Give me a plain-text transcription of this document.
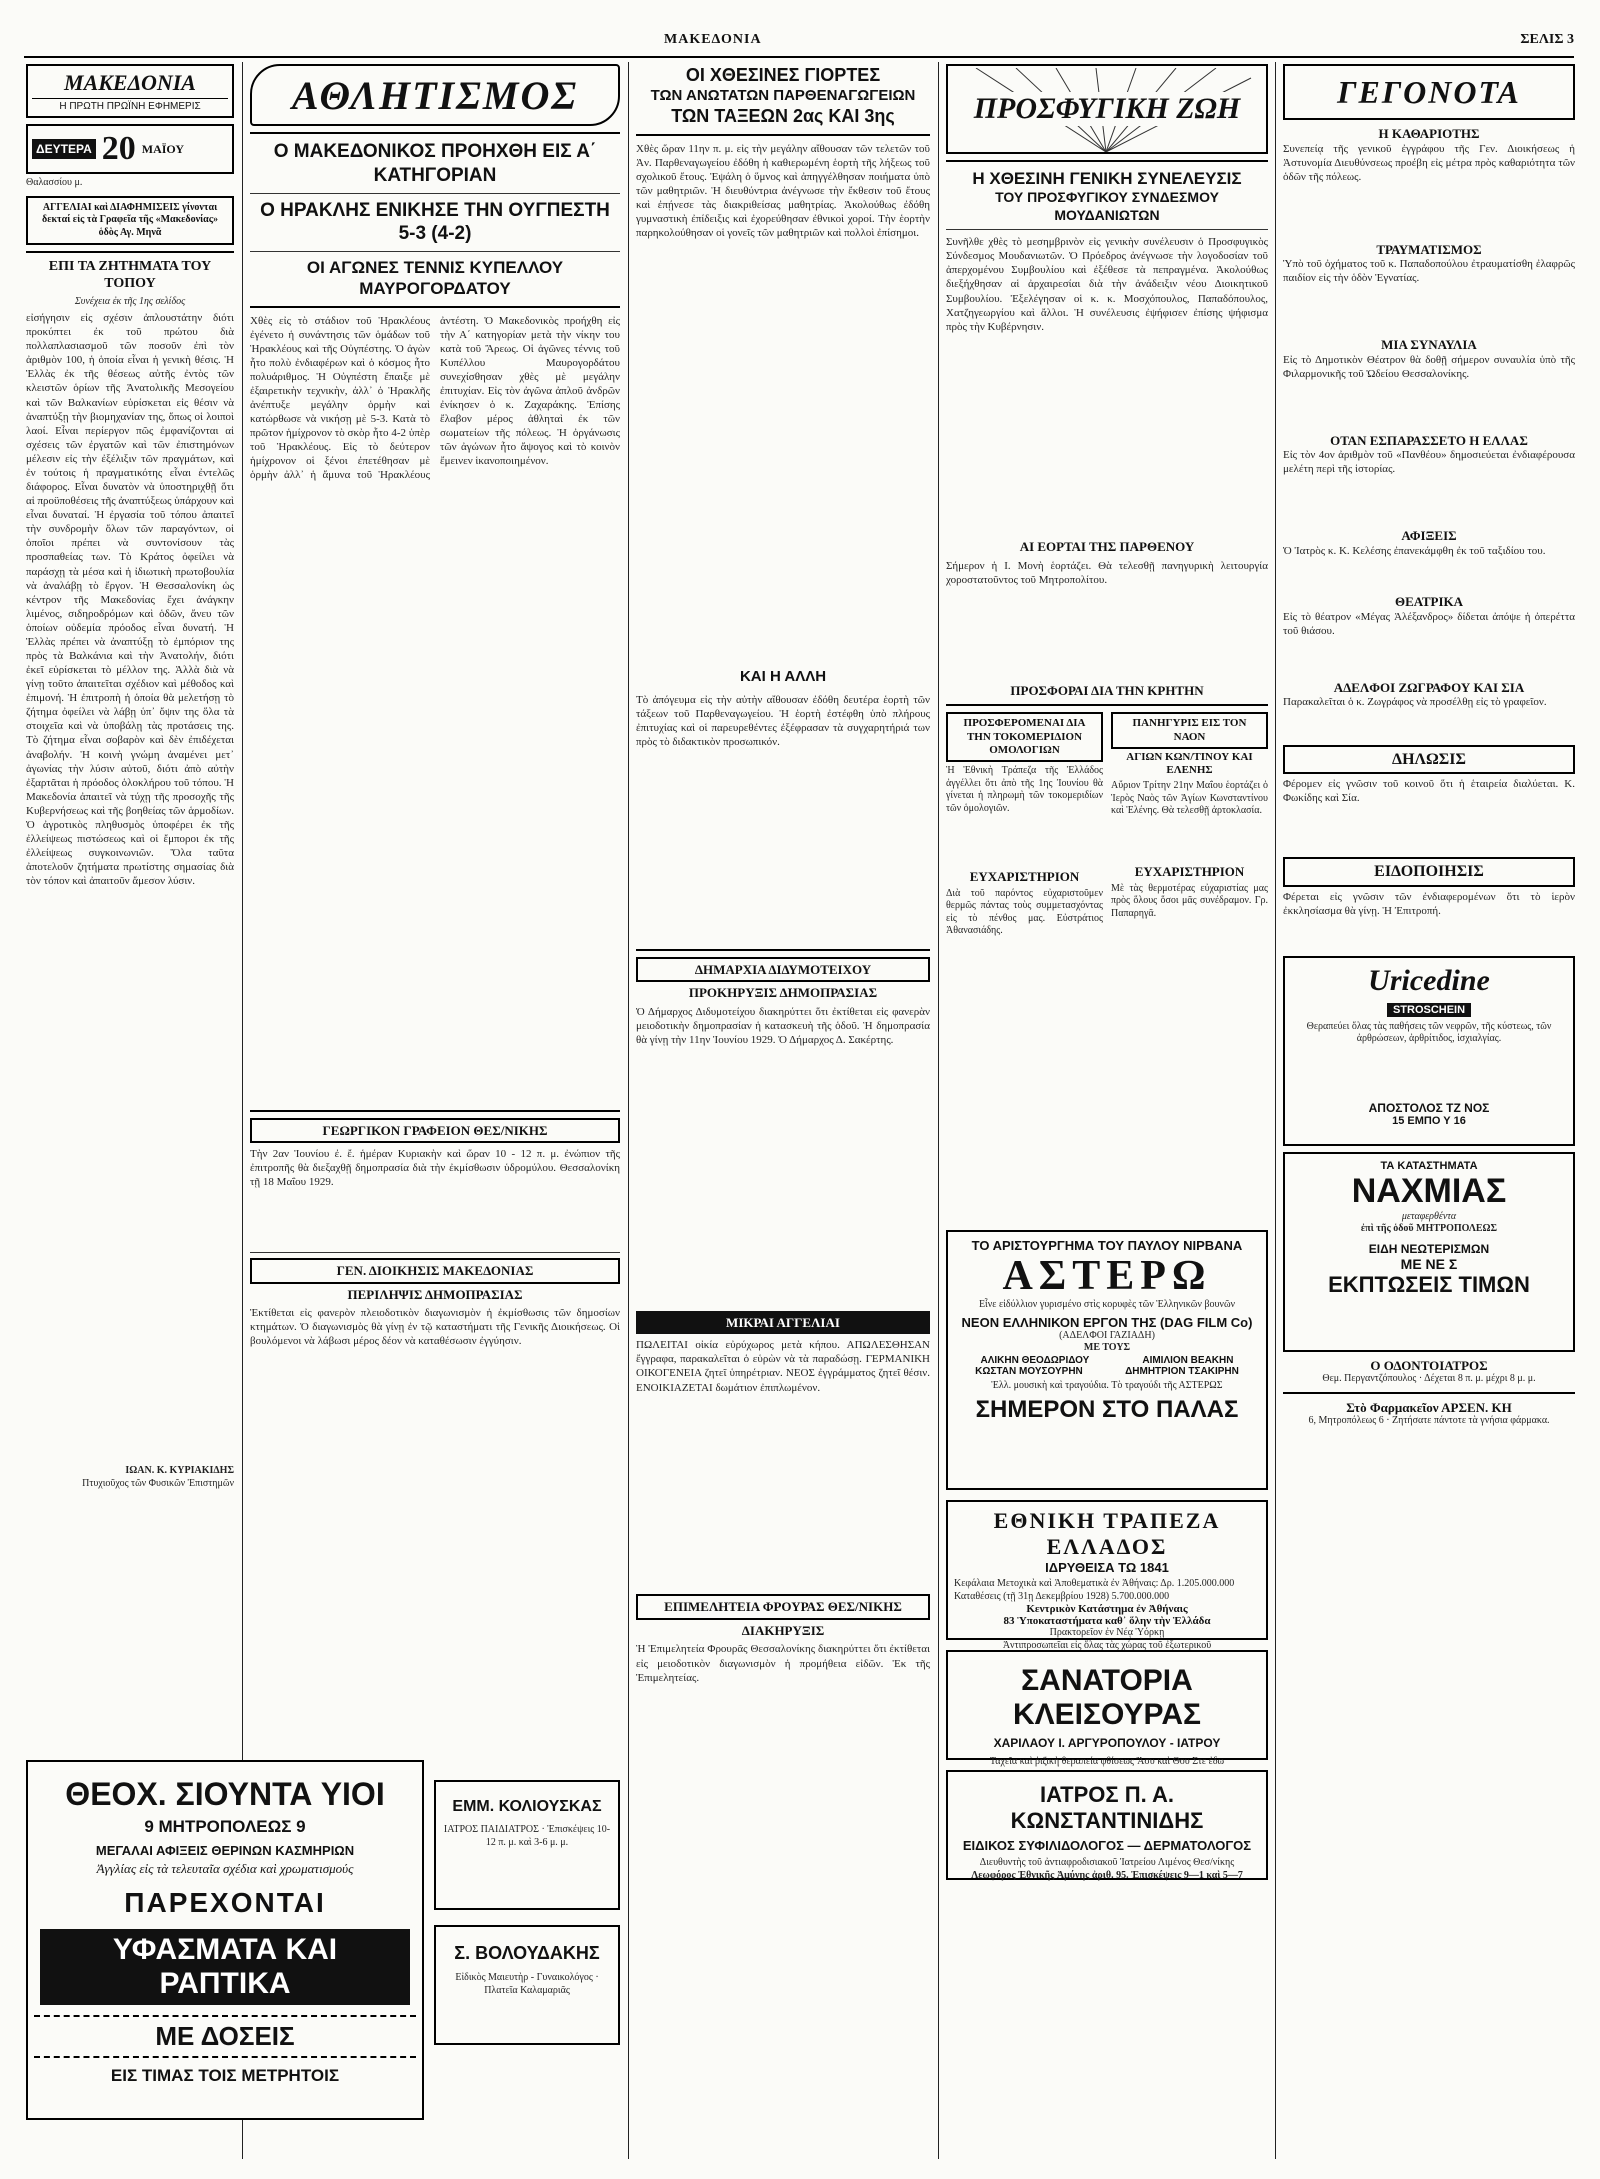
ΜΑΚΕΔΟΝΙΑ	ΣΕΛΙΣ 3
ΜΑΚΕΔΟΝΙΑ
Η ΠΡΩΤΗ ΠΡΩΪΝΗ ΕΦΗΜΕΡΙΣ
ΔΕΥΤΕΡΑ 20 ΜΑΪΟΥ
Θαλασσίου μ.
ΑΓΓΕΛΙΑΙ καὶ ΔΙΑΦΗΜΙΣΕΙΣ γίνονται δεκταί εἰς τὰ Γραφεῖα τῆς «Μακεδονίας» ὁδὸς Αγ. Μηνᾶ
ΕΠΙ ΤΑ ΖΗΤΗΜΑΤΑ ΤΟΥ ΤΟΠΟΥ
Συνέχεια ἐκ τῆς 1ης σελίδος
εἰσήγησιν εἰς σχέσιν ἀπλουστάτην διότι προκύπτει ἐκ τοῦ πρώτου διὰ πολλαπλασιασμοῦ τῶν ποσοῦν ἐπὶ τὸν ἀριθμὸν 100, ἡ ὁποία εἶναι ἡ γενικὴ θέσις. Ἡ Ἑλλὰς ἐκ τῆς θέσεως αὐτῆς ἐντὸς τῶν κλειστῶν ὁρίων τῆς Ἀνατολικῆς Μεσογείου καὶ τῶν Βαλκανίων εὑρίσκεται εἰς θέσιν νὰ ἀναπτύξῃ τὴν βιομηχανίαν της, ὅπως οἱ λοιποὶ λαοί. Εἶναι περίεργον πῶς ἐμφανίζονται αἱ σχέσεις τῶν ἐργατῶν καὶ τῶν ἐπιστημόνων μέλεσιν εἰς τὴν ἐξέλιξιν τῶν πραγμάτων, καὶ ἐν τούτοις ἡ πραγματικότης εἶναι ἐντελῶς διάφορος. Εἶναι δυνατὸν νὰ ὑποστηριχθῇ ὅτι αἱ προϋποθέσεις τῆς ἀναπτύξεως ὑπάρχουν καὶ εἶναι δυναταί. Ἡ ἐργασία τοῦ τόπου ἀπαιτεῖ τὴν συνδρομὴν ὅλων τῶν παραγόντων, οἱ ὁποῖοι πρέπει νὰ συντονίσουν τὰς προσπαθείας των. Τὸ Κράτος ὀφείλει νὰ παράσχῃ τὰ μέσα καὶ ἡ ἰδιωτικὴ πρωτοβουλία νὰ ἀναλάβῃ τὸ ἔργον. Ἡ Θεσσαλονίκη ὡς κέντρον τῆς Μακεδονίας ἔχει ἀνάγκην λιμένος, σιδηροδρόμων καὶ ὁδῶν, ἄνευ τῶν ὁποίων οὐδεμία πρόοδος εἶναι δυνατή. Ἡ Ἑλλὰς πρέπει νὰ ἀναπτύξῃ τὸ ἐμπόριον της πρὸς τὰ Βαλκάνια καὶ τὴν Ἀνατολήν, διότι ἐκεῖ εὑρίσκεται τὸ μέλλον της. Ἀλλὰ διὰ νὰ γίνῃ τοῦτο ἀπαιτεῖται σχέδιον καὶ μέθοδος καὶ ἐπιμονή. Ἡ ἐπιτροπὴ ἡ ὁποία θὰ μελετήσῃ τὸ ζήτημα ὀφείλει νὰ λάβῃ ὑπ᾿ ὄψιν της ὅλα τὰ στοιχεῖα καὶ νὰ ὑποβάλῃ τὰς προτάσεις της. Τὸ ζήτημα εἶναι σοβαρὸν καὶ δὲν ἐπιδέχεται ἀναβολήν. Ἡ κοινὴ γνώμη ἀναμένει μετ᾿ ἀγωνίας τὴν λύσιν αὐτοῦ, διότι ἀπὸ αὐτὴν ἐξαρτᾶται ἡ πρόοδος ὁλοκλήρου τοῦ τόπου. Ἡ Μακεδονία ἀπαιτεῖ νὰ τύχῃ τῆς προσοχῆς τῆς Κυβερνήσεως καὶ τῆς βοηθείας τῶν ἁρμοδίων. Ὁ ἀγροτικὸς πληθυσμὸς ὑποφέρει ἐκ τῆς ἐλλείψεως πιστώσεως καὶ οἱ ἔμποροι ἐκ τῆς ἐλλείψεως συγκοινωνιῶν. Ὅλα ταῦτα ἀποτελοῦν ζητήματα πρωτίστης σημασίας διὰ τὸν τόπον καὶ ἀπαιτοῦν ἄμεσον λύσιν.
ΙΩΑΝ. Κ. ΚΥΡΙΑΚΙΔΗΣ
Πτυχιοῦχος τῶν Φυσικῶν Ἐπιστημῶν
ΘΕΟΧ. ΣΙΟΥΝΤΑ ΥΙΟΙ
9 ΜΗΤΡΟΠΟΛΕΩΣ 9
ΜΕΓΑΛΑΙ ΑΦΙΞΕΙΣ ΘΕΡΙΝΩΝ ΚΑΣΜΗΡΙΩΝ
Ἀγγλίας εἰς τὰ τελευταῖα σχέδια καὶ χρωματισμούς
ΠΑΡΕΧΟΝΤΑΙ
ΥΦΑΣΜΑΤΑ ΚΑΙ ΡΑΠΤΙΚΑ
ΜΕ ΔΟΣΕΙΣ
ΕΙΣ ΤΙΜΑΣ ΤΟΙΣ ΜΕΤΡΗΤΟΙΣ
ΑΘΛΗΤΙΣΜΟΣ
Ο ΜΑΚΕΔΟΝΙΚΟΣ ΠΡΟΗΧΘΗ ΕΙΣ Α΄ ΚΑΤΗΓΟΡΙΑΝ
Ο ΗΡΑΚΛΗΣ ΕΝΙΚΗΣΕ ΤΗΝ ΟΥΓΠΕΣΤΗ 5-3 (4-2)
ΟΙ ΑΓΩΝΕΣ ΤΕΝΝΙΣ ΚΥΠΕΛΛΟΥ ΜΑΥΡΟΓΟΡΔΑΤΟΥ
Χθὲς εἰς τὸ στάδιον τοῦ Ἡρακλέους ἐγένετο ἡ συνάντησις τῶν ὁμάδων τοῦ Ἡρακλέους καὶ τῆς Οὐγπέστης. Ὁ ἀγὼν ἦτο πολὺ ἐνδιαφέρων καὶ ὁ κόσμος ἦτο πολυάριθμος. Ἡ Οὐγπέστη ἔπαιξε μὲ ἐξαιρετικὴν τεχνικὴν, ἀλλ᾿ ὁ Ἡρακλῆς ἀνέπτυξε μεγάλην ὁρμὴν καὶ κατώρθωσε νὰ νικήσῃ μὲ 5-3. Κατὰ τὸ πρῶτον ἡμίχρονον τὸ σκὸρ ἦτο 4-2 ὑπὲρ τοῦ Ἡρακλέους. Εἰς τὸ δεύτερον ἡμίχρονον οἱ ξένοι ἐπετέθησαν μὲ ὁρμὴν ἀλλ᾿ ἡ ἄμυνα τοῦ Ἡρακλέους ἀντέστη. Ὁ Μακεδονικὸς προήχθη εἰς τὴν Α΄ κατηγορίαν μετὰ τὴν νίκην του κατὰ τοῦ Ἄρεως. Οἱ ἀγῶνες τέννις τοῦ Κυπέλλου Μαυρογορδάτου συνεχίσθησαν χθὲς μὲ μεγάλην ἐπιτυχίαν. Εἰς τὸν ἀγῶνα ἀπλοῦ ἀνδρῶν ἐνίκησεν ὁ κ. Ζαχαράκης. Ἐπίσης ἔλαβον μέρος ἀθληταὶ ἐκ τῶν σωματείων τῆς πόλεως. Ἡ ὀργάνωσις τῶν ἀγώνων ἦτο ἄψογος καὶ τὸ κοινὸν ἔμεινεν ἱκανοποιημένον.
ΓΕΩΡΓΙΚΟΝ ΓΡΑΦΕΙΟΝ ΘΕΣ/ΝΙΚΗΣ
Τὴν 2αν Ἰουνίου ἐ. ἔ. ἡμέραν Κυριακὴν καὶ ὥραν 10 - 12 π. μ. ἐνώπιον τῆς ἐπιτροπῆς θὰ διεξαχθῇ δημοπρασία διὰ τὴν ἐκμίσθωσιν ὑδρομύλου. Θεσσαλονίκη τῇ 18 Μαΐου 1929.
ΓΕΝ. ΔΙΟΙΚΗΣΙΣ ΜΑΚΕΔΟΝΙΑΣ
ΠΕΡΙΛΗΨΙΣ ΔΗΜΟΠΡΑΣΙΑΣ
Ἐκτίθεται εἰς φανερὸν πλειοδοτικὸν διαγωνισμὸν ἡ ἐκμίσθωσις τῶν δημοσίων κτημάτων. Ὁ διαγωνισμὸς θὰ γίνῃ ἐν τῷ καταστήματι τῆς Γενικῆς Διοικήσεως. Οἱ βουλόμενοι νὰ λάβωσι μέρος δέον νὰ καταθέσωσιν ἐγγύησιν.
ΕΜΜ. ΚΟΛΙΟΥΣΚΑΣ
ΙΑΤΡΟΣ ΠΑΙΔΙΑΤΡΟΣ · Ἐπισκέψεις 10-12 π. μ. καὶ 3-6 μ. μ.
Σ. ΒΟΛΟΥΔΑΚΗΣ
Εἰδικὸς Μαιευτὴρ - Γυναικολόγος · Πλατεῖα Καλαμαριᾶς
ΟΙ ΧΘΕΣΙΝΕΣ ΓΙΟΡΤΕΣ
ΤΩΝ ΑΝΩΤΑΤΩΝ ΠΑΡΘΕΝΑΓΩΓΕΙΩΝ
ΤΩΝ ΤΑΞΕΩΝ 2ας ΚΑΙ 3ης
Χθὲς ὥραν 11ην π. μ. εἰς τὴν μεγάλην αἴθουσαν τῶν τελετῶν τοῦ Ἀν. Παρθεναγωγείου ἐδόθη ἡ καθιερωμένη ἑορτὴ τῆς λήξεως τοῦ σχολικοῦ ἔτους. Ἐψάλη ὁ ὕμνος καὶ ἀπηγγέλθησαν ποιήματα ὑπὸ τῶν μαθητριῶν. Ἡ διευθύντρια ἀνέγνωσε τὴν ἔκθεσιν τοῦ ἔτους καὶ ἐπῄνεσε τὰς διακριθείσας μαθητρίας. Ἀκολούθως ἐδόθη γυμναστικὴ ἐπίδειξις καὶ ἐχορεύθησαν ἐθνικοὶ χοροί. Τὴν ἑορτὴν παρηκολούθησαν οἱ γονεῖς τῶν μαθητριῶν καὶ πολλοὶ ἐπίσημοι.
ΚΑΙ Η ΑΛΛΗ
Τὸ ἀπόγευμα εἰς τὴν αὐτὴν αἴθουσαν ἐδόθη δευτέρα ἑορτὴ τῶν τάξεων τοῦ Παρθεναγωγείου. Ἡ ἑορτὴ ἐστέφθη ὑπὸ πλήρους ἐπιτυχίας καὶ οἱ παρευρεθέντες ἐξέφρασαν τὰ συγχαρητήριά των πρὸς τὸ διδακτικὸν προσωπικόν.
ΔΗΜΑΡΧΙΑ ΔΙΔΥΜΟΤΕΙΧΟΥ
ΠΡΟΚΗΡΥΞΙΣ ΔΗΜΟΠΡΑΣΙΑΣ
Ὁ Δήμαρχος Διδυμοτείχου διακηρύττει ὅτι ἐκτίθεται εἰς φανερὰν μειοδοτικὴν δημοπρασίαν ἡ κατασκευὴ τῆς ὁδοῦ. Ἡ δημοπρασία θὰ γίνῃ τὴν 11ην Ἰουνίου 1929. Ὁ Δήμαρχος Δ. Σακέρτης.
ΜΙΚΡΑΙ ΑΓΓΕΛΙΑΙ
ΠΩΛΕΙΤΑΙ οἰκία εὐρύχωρος μετὰ κήπου. ΑΠΩΛΕΣΘΗΣΑΝ ἔγγραφα, παρακαλεῖται ὁ εὑρὼν νὰ τὰ παραδώσῃ. ΓΕΡΜΑΝΙΚΗ ΟΙΚΟΓΕΝΕΙΑ ζητεῖ ὑπηρέτριαν. ΝΕΟΣ ἐγγράμματος ζητεῖ θέσιν. ΕΝΟΙΚΙΑΖΕΤΑΙ δωμάτιον ἐπιπλωμένον.
ΕΠΙΜΕΛΗΤΕΙΑ ΦΡΟΥΡΑΣ ΘΕΣ/ΝΙΚΗΣ
ΔΙΑΚΗΡΥΞΙΣ
Ἡ Ἐπιμελητεία Φρουρᾶς Θεσσαλονίκης διακηρύττει ὅτι ἐκτίθεται εἰς μειοδοτικὸν διαγωνισμὸν ἡ προμήθεια εἰδῶν. Ἐκ τῆς Ἐπιμελητείας.
ΠΡΟΣΦΥΓΙΚΗ ΖΩΗ
Η ΧΘΕΣΙΝΗ ΓΕΝΙΚΗ ΣΥΝΕΛΕΥΣΙΣ
ΤΟΥ ΠΡΟΣΦΥΓΙΚΟΥ ΣΥΝΔΕΣΜΟΥ ΜΟΥΔΑΝΙΩΤΩΝ
Συνῆλθε χθὲς τὸ μεσημβρινὸν εἰς γενικὴν συνέλευσιν ὁ Προσφυγικὸς Σύνδεσμος Μουδανιωτῶν. Ὁ Πρόεδρος ἀνέγνωσε τὴν λογοδοσίαν τοῦ ἀπερχομένου Συμβουλίου καὶ ἐξέθεσε τὰ πεπραγμένα. Ἀκολούθως διεξήχθησαν αἱ ἀρχαιρεσίαι διὰ τὴν ἀνάδειξιν νέου Διοικητικοῦ Συμβουλίου. Ἐξελέγησαν οἱ κ. κ. Μοσχόπουλος, Παπαδόπουλος, Χατζηγεωργίου καὶ ἄλλοι. Ἡ συνέλευσις ἐψήφισεν ἐπίσης ψήφισμα πρὸς τὴν Κυβέρνησιν.
ΑΙ ΕΟΡΤΑΙ ΤΗΣ ΠΑΡΘΕΝΟΥ
Σήμερον ἡ Ι. Μονὴ ἑορτάζει. Θὰ τελεσθῇ πανηγυρικὴ λειτουργία χοροστατοῦντος τοῦ Μητροπολίτου.
ΠΡΟΣΦΟΡΑΙ ΔΙΑ ΤΗΝ ΚΡΗΤΗΝ
ΠΡΟΣΦΕΡΟΜΕΝΑΙ ΔΙΑ ΤΗΝ ΤΟΚΟΜΕΡΙΔΙΟΝ ΟΜΟΛΟΓΙΩΝ
Ἡ Ἐθνικὴ Τράπεζα τῆς Ἑλλάδος ἀγγέλλει ὅτι ἀπὸ τῆς 1ης Ἰουνίου θὰ γίνεται ἡ πληρωμὴ τῶν τοκομεριδίων τῶν ὁμολογιῶν.
ΕΥΧΑΡΙΣΤΗΡΙΟΝ
Διὰ τοῦ παρόντος εὐχαριστοῦμεν θερμῶς πάντας τοὺς συμμετασχόντας εἰς τὸ πένθος μας. Εὐστράτιος Ἀθανασιάδης.
ΠΑΝΗΓΥΡΙΣ ΕΙΣ ΤΟΝ ΝΑΟΝ
ΑΓΙΩΝ ΚΩΝ/ΤΙΝΟΥ ΚΑΙ ΕΛΕΝΗΣ
Αὔριον Τρίτην 21ην Μαΐου ἑορτάζει ὁ Ἱερὸς Ναὸς τῶν Ἁγίων Κωνσταντίνου καὶ Ἑλένης. Θὰ τελεσθῇ ἀρτοκλασία.
ΕΥΧΑΡΙΣΤΗΡΙΟΝ
Μὲ τὰς θερμοτέρας εὐχαριστίας μας πρὸς ὅλους ὅσοι μᾶς συνέδραμον. Γρ. Παπαρηγᾶ.
ΤΟ ΑΡΙΣΤΟΥΡΓΗΜΑ ΤΟΥ ΠΑΥΛΟΥ ΝΙΡΒΑΝΑ
ΑΣΤΕΡΩ
Εἶνε εἰδύλλιον γυρισμένο στὶς κορυφὲς τῶν Ἑλληνικῶν βουνῶν
ΝΕΟΝ ΕΛΛΗΝΙΚΟΝ ΕΡΓΟΝ ΤΗΣ (DAG FILM Co)
(ΑΔΕΛΦΟΙ ΓΑΖΙΑΔΗ)
ΜΕ ΤΟΥΣ
ΑΛΙΚΗΝ ΘΕΟΔΩΡΙΔΟΥ	ΑΙΜΙΛΙΟΝ ΒΕΑΚΗΝ
ΚΩΣΤΑΝ ΜΟΥΣΟΥΡΗΝ	ΔΗΜΗΤΡΙΟΝ ΤΣΑΚΙΡΗΝ
Ἑλλ. μουσικὴ καὶ τραγούδια. Τὸ τραγούδι τῆς ΑΣΤΕΡΩΣ
ΣΗΜΕΡΟΝ ΣΤΟ ΠΑΛΑΣ
ΕΘΝΙΚΗ ΤΡΑΠΕΖΑ ΕΛΛΑΔΟΣ
ΙΔΡΥΘΕΙΣΑ ΤΩ 1841
Κεφάλαια Μετοχικὰ καὶ Ἀποθεματικὰ ἐν Ἀθήναις: Δρ. 1.205.000.000
Καταθέσεις (τῇ 31ῃ Δεκεμβρίου 1928) 5.700.000.000
Κεντρικὸν Κατάστημα ἐν Ἀθήναις
83 Ὑποκαταστήματα καθ᾿ ὅλην τὴν Ἑλλάδα
Πρακτορεῖον ἐν Νέᾳ Ὑόρκῃ
Ἀντιπροσωπεῖαι εἰς ὅλας τὰς χώρας τοῦ ἐξωτερικοῦ
ΣΑΝΑΤΟΡΙΑ ΚΛΕΙΣΟΥΡΑΣ
ΧΑΡΙΛΑΟΥ Ι. ΑΡΓΥΡΟΠΟΥΛΟΥ - ΙΑΤΡΟΥ
Ταχεῖα καὶ ῥιζικὴ θεραπεία φθίσεως Ἄσυ καὶ Θου Στε ἐδω
ΙΑΤΡΟΣ Π. Α. ΚΩΝΣΤΑΝΤΙΝΙΔΗΣ
ΕΙΔΙΚΟΣ ΣΥΦΙΛΙΔΟΛΟΓΟΣ — ΔΕΡΜΑΤΟΛΟΓΟΣ
Διευθυντὴς τοῦ ἀντιαφροδισιακοῦ Ἰατρείου Λιμένος Θεσ/νίκης
Λεωφόρος Ἐθνικῆς Ἀμύνης ἀριθ. 95. Ἐπισκέψεις 9—1 καὶ 5—7
ΓΕΓΟΝΟΤΑ
Η ΚΑΘΑΡΙΟΤΗΣ
Συνεπείᾳ τῆς γενικοῦ ἐγγράφου τῆς Γεν. Διοικήσεως ἡ Ἀστυνομία Διευθύνσεως προέβη εἰς μέτρα πρὸς καθαριότητα τῶν ὁδῶν τῆς πόλεως.
ΤΡΑΥΜΑΤΙΣΜΟΣ
Ὑπὸ τοῦ ὀχήματος τοῦ κ. Παπαδοπούλου ἐτραυματίσθη ἐλαφρῶς παιδίον εἰς τὴν ὁδὸν Ἐγνατίας.
ΜΙΑ ΣΥΝΑΥΛΙΑ
Εἰς τὸ Δημοτικὸν Θέατρον θὰ δοθῇ σήμερον συναυλία ὑπὸ τῆς Φιλαρμονικῆς τοῦ Ὠδείου Θεσσαλονίκης.
ΟΤΑΝ ΕΣΠΑΡΑΣΣΕΤΟ Η ΕΛΛΑΣ
Εἰς τὸν 4ον ἀριθμὸν τοῦ «Πανθέου» δημοσιεύεται ἐνδιαφέρουσα μελέτη περὶ τῆς ἱστορίας.
ΑΦΙΞΕΙΣ
Ὁ Ἰατρὸς κ. Κ. Κελέσης ἐπανεκάμφθη ἐκ τοῦ ταξιδίου του.
ΘΕΑΤΡΙΚΑ
Εἰς τὸ θέατρον «Μέγας Ἀλέξανδρος» δίδεται ἀπόψε ἡ ὀπερέττα τοῦ θιάσου.
ΑΔΕΛΦΟΙ ΖΩΓΡΑΦΟΥ ΚΑΙ ΣΙΑ
Παρακαλεῖται ὁ κ. Ζωγράφος νὰ προσέλθῃ εἰς τὸ γραφεῖον.
ΔΗΛΩΣΙΣ
Φέρομεν εἰς γνῶσιν τοῦ κοινοῦ ὅτι ἡ ἑταιρεία διαλύεται. Κ. Φωκίδης καὶ Σία.
ΕΙΔΟΠΟΙΗΣΙΣ
Φέρεται εἰς γνῶσιν τῶν ἐνδιαφερομένων ὅτι τὸ ἱερὸν ἐκκλησίασμα θὰ γίνῃ. Ἡ Ἐπιτροπή.
Uricedine
STROSCHEIN
Θεραπεύει ὅλας τὰς παθήσεις τῶν νεφρῶν, τῆς κύστεως, τῶν ἀρθρώσεων, ἀρθρίτιδος, ἰσχιαλγίας.
ΑΠΟΣΤΟΛΟΣ ΤΖ ΝΟΣ
15 ΕΜΠΟ Υ 16
ΤΑ ΚΑΤΑΣΤΗΜΑΤΑ
ΝΑΧΜΙΑΣ
μεταφερθέντα
ἐπὶ τῆς ὁδοῦ ΜΗΤΡΟΠΟΛΕΩΣ
ΕΙΔΗ ΝΕΩΤΕΡΙΣΜΩΝ
ΜΕ ΝΕ Σ
ΕΚΠΤΩΣΕΙΣ ΤΙΜΩΝ
Ο ΟΔΟΝΤΟΙΑΤΡΟΣ
Θεμ. Περγαντζόπουλος · Δέχεται 8 π. μ. μέχρι 8 μ. μ.
Στὸ Φαρμακεῖον ΑΡΣΕΝ. ΚΗ
6, Μητροπόλεως 6 · Ζητήσατε πάντοτε τὰ γνήσια φάρμακα.
